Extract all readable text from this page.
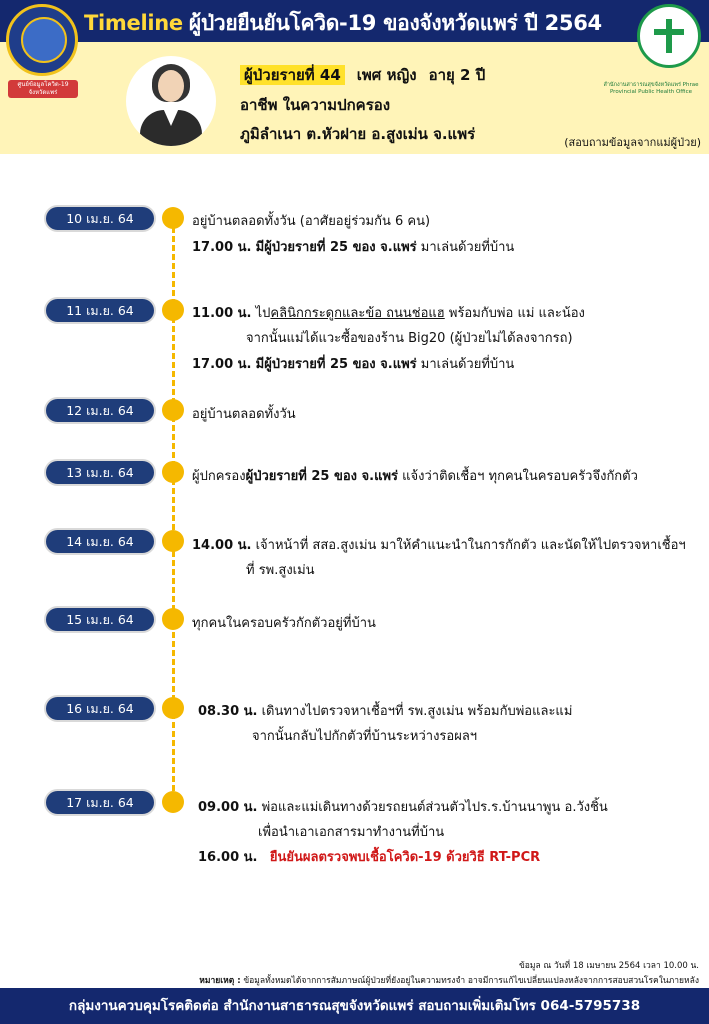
Timeline ผู้ป่วยยืนยันโควิด-19 ของจังหวัดแพร่ ปี 2564
ศูนย์ข้อมูลโควิด-19 จังหวัดแพร่
สำนักงานสาธารณสุขจังหวัดแพร่ Phrae Provincial Public Health Office
ผู้ป่วยรายที่ 44 เพศ หญิง อายุ 2 ปี
อาชีพ ในความปกครอง
ภูมิลำเนา ต.หัวฝาย อ.สูงเม่น จ.แพร่	(สอบถามข้อมูลจากแม่ผู้ป่วย)
10 เม.ย. 64	อยู่บ้านตลอดทั้งวัน (อาศัยอยู่ร่วมกัน 6 คน)
17.00 น. มีผู้ป่วยรายที่ 25 ของ จ.แพร่ มาเล่นด้วยที่บ้าน
11 เม.ย. 64	11.00 น. ไปคลินิกกระดูกและข้อ ถนนช่อแฮ พร้อมกับพ่อ แม่ และน้อง
จากนั้นแม่ได้แวะซื้อของร้าน Big20 (ผู้ป่วยไม่ได้ลงจากรถ)
17.00 น. มีผู้ป่วยรายที่ 25 ของ จ.แพร่ มาเล่นด้วยที่บ้าน
12 เม.ย. 64	อยู่บ้านตลอดทั้งวัน
13 เม.ย. 64	ผู้ปกครองผู้ป่วยรายที่ 25 ของ จ.แพร่ แจ้งว่าติดเชื้อฯ ทุกคนในครอบครัวจึงกักตัว
14 เม.ย. 64	14.00 น. เจ้าหน้าที่ สสอ.สูงเม่น มาให้คำแนะนำในการกักตัว และนัดให้ไปตรวจหาเชื้อฯ
ที่ รพ.สูงเม่น
15 เม.ย. 64	ทุกคนในครอบครัวกักตัวอยู่ที่บ้าน
16 เม.ย. 64	08.30 น. เดินทางไปตรวจหาเชื้อฯที่ รพ.สูงเม่น พร้อมกับพ่อและแม่
จากนั้นกลับไปกักตัวที่บ้านระหว่างรอผลฯ
17 เม.ย. 64	09.00 น. พ่อและแม่เดินทางด้วยรถยนต์ส่วนตัวไปร.ร.บ้านนาพูน อ.วังชิ้น
เพื่อนำเอาเอกสารมาทำงานที่บ้าน
16.00 น. ยืนยันผลตรวจพบเชื้อโควิด-19 ด้วยวิธี RT-PCR
ข้อมูล ณ วันที่ 18 เมษายน 2564 เวลา 10.00 น.
หมายเหตุ : ข้อมูลทั้งหมดได้จากการสัมภาษณ์ผู้ป่วยที่ยังอยู่ในความทรงจำ อาจมีการแก้ไขเปลี่ยนแปลงหลังจากการสอบสวนโรคในภายหลัง
กลุ่มงานควบคุมโรคติดต่อ สำนักงานสาธารณสุขจังหวัดแพร่ สอบถามเพิ่มเติมโทร 064-5795738
